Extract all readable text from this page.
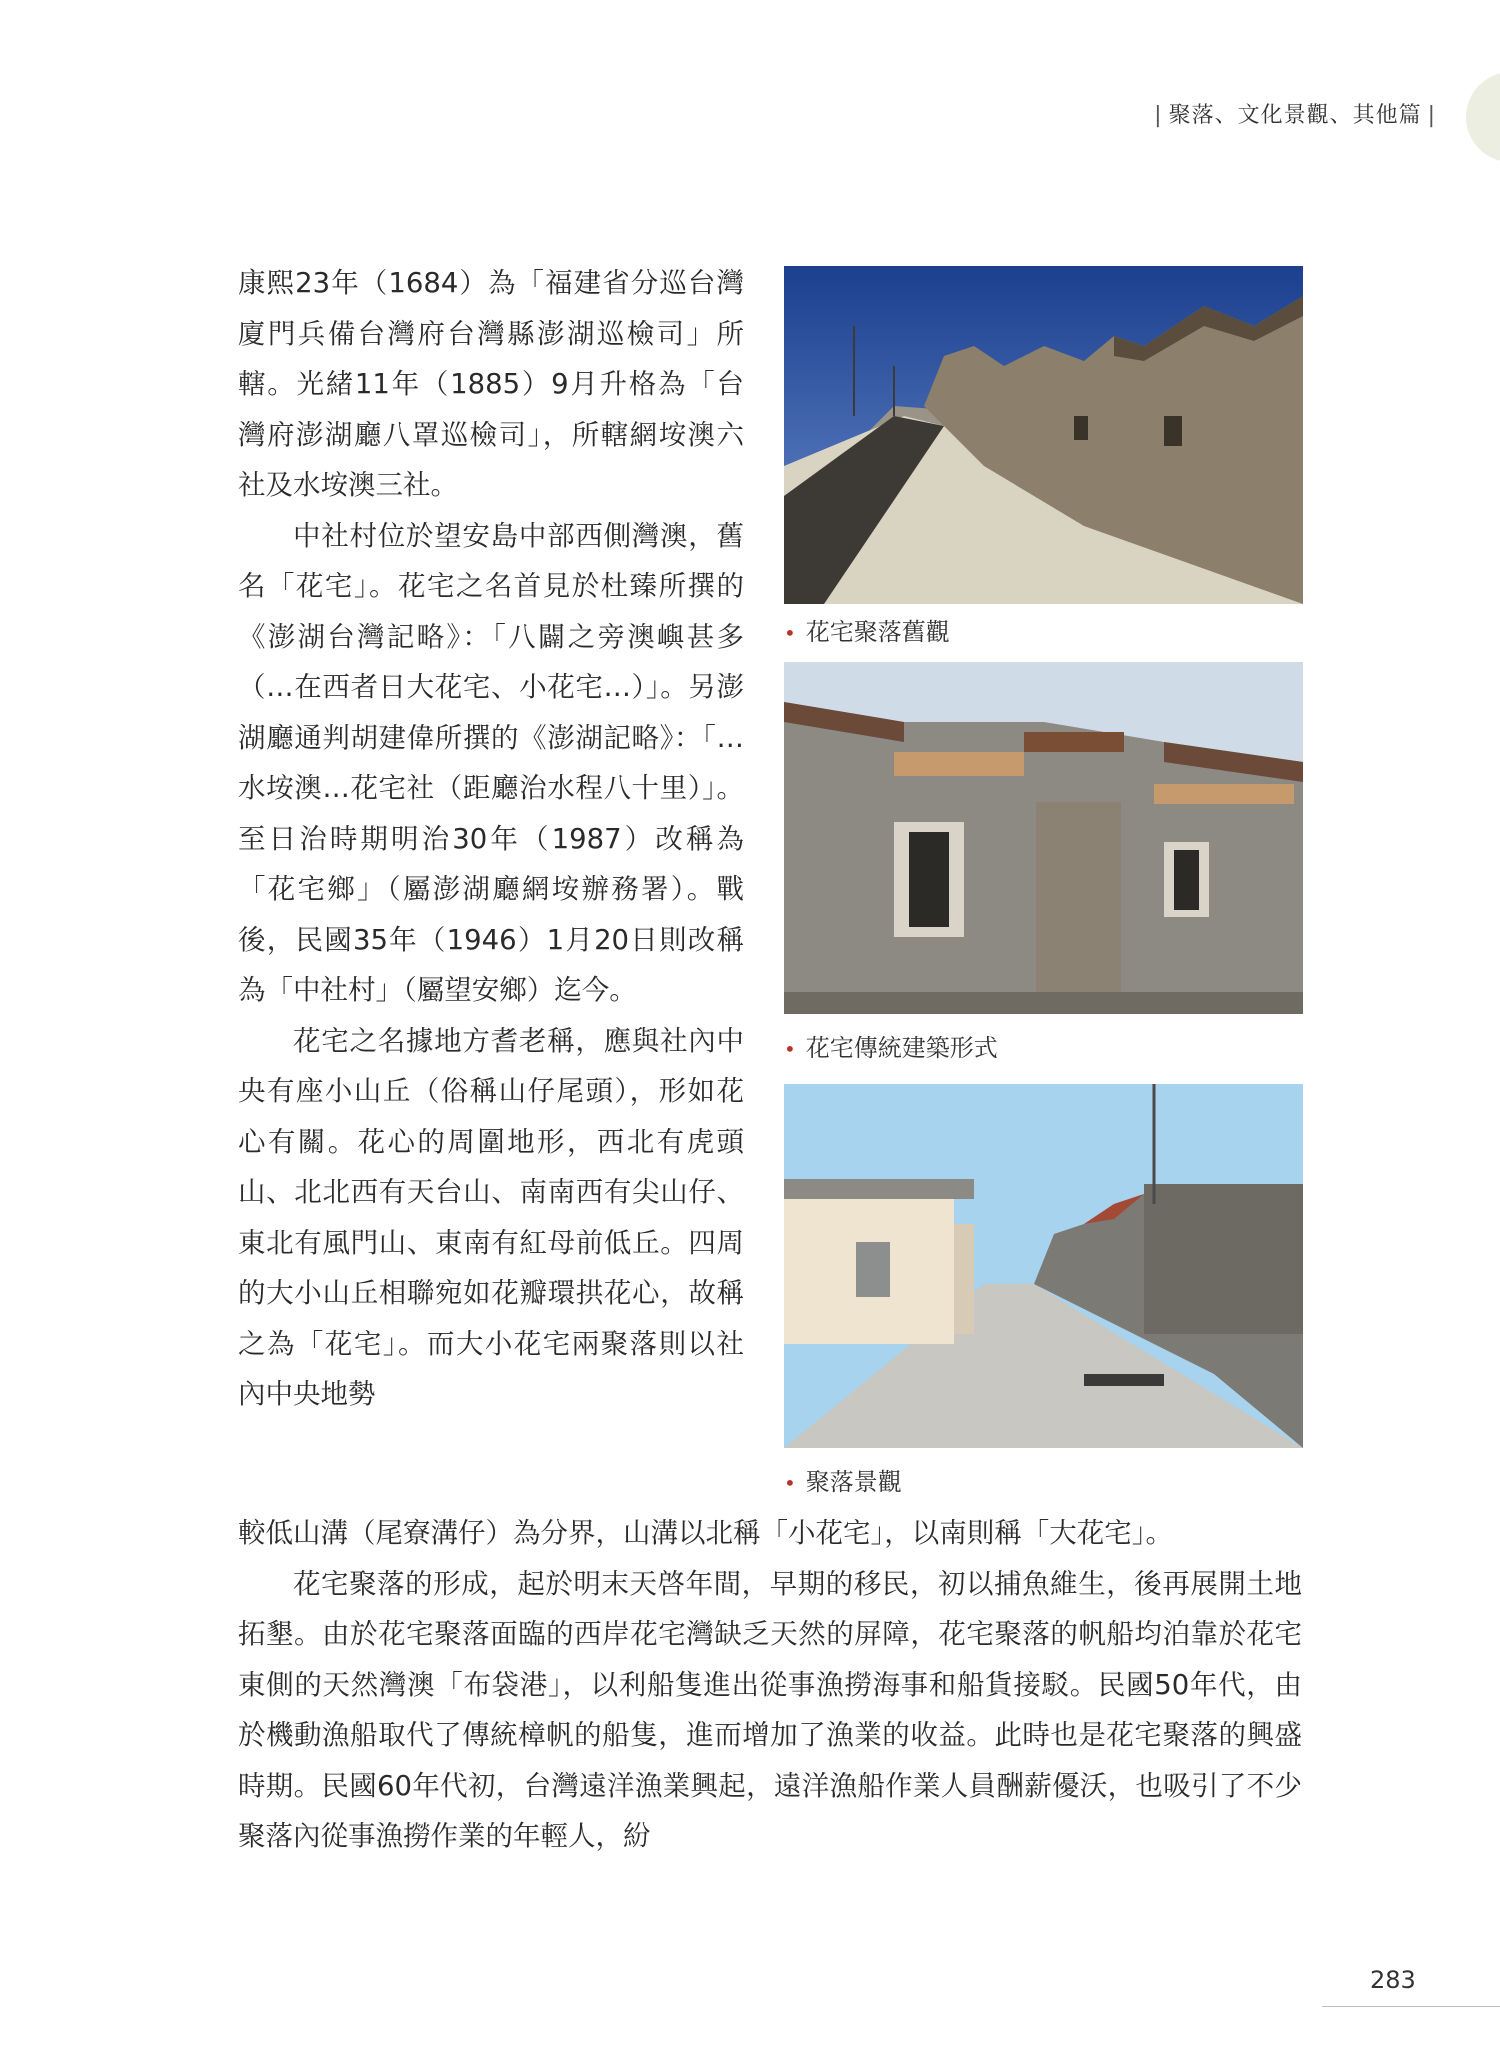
| 聚落、文化景觀、其他篇 |

康熙23年（1684）為「福建省分巡台灣廈門兵備台灣府台灣縣澎湖巡檢司」所轄。光緒11年（1885）9月升格為「台灣府澎湖廳八罩巡檢司」，所轄網垵澳六社及水垵澳三社。

中社村位於望安島中部西側灣澳，舊名「花宅」。花宅之名首見於杜臻所撰的《澎湖台灣記略》：「八闢之旁澳嶼甚多（…在西者日大花宅、小花宅…）」。另澎湖廳通判胡建偉所撰的《澎湖記略》：「…水垵澳…花宅社（距廳治水程八十里）」。至日治時期明治30年（1987）改稱為「花宅鄉」（屬澎湖廳網垵辦務署）。戰後，民國35年（1946）1月20日則改稱為「中社村」（屬望安鄉）迄今。

花宅之名據地方耆老稱，應與社內中央有座小山丘（俗稱山仔尾頭），形如花心有關。花心的周圍地形，西北有虎頭山、北北西有天台山、南南西有尖山仔、東北有風門山、東南有紅母前低丘。四周的大小山丘相聯宛如花瓣環拱花心，故稱之為「花宅」。而大小花宅兩聚落則以社內中央地勢

較低山溝（尾寮溝仔）為分界，山溝以北稱「小花宅」，以南則稱「大花宅」。

花宅聚落的形成，起於明末天啓年間，早期的移民，初以捕魚維生，後再展開土地拓墾。由於花宅聚落面臨的西岸花宅灣缺乏天然的屏障，花宅聚落的帆船均泊靠於花宅東側的天然灣澳「布袋港」，以利船隻進出從事漁撈海事和船貨接駁。民國50年代，由於機動漁船取代了傳統樟帆的船隻，進而增加了漁業的收益。此時也是花宅聚落的興盛時期。民國60年代初，台灣遠洋漁業興起，遠洋漁船作業人員酬薪優沃，也吸引了不少聚落內從事漁撈作業的年輕人，紛

• 花宅聚落舊觀
• 花宅傳統建築形式
• 聚落景觀
283
